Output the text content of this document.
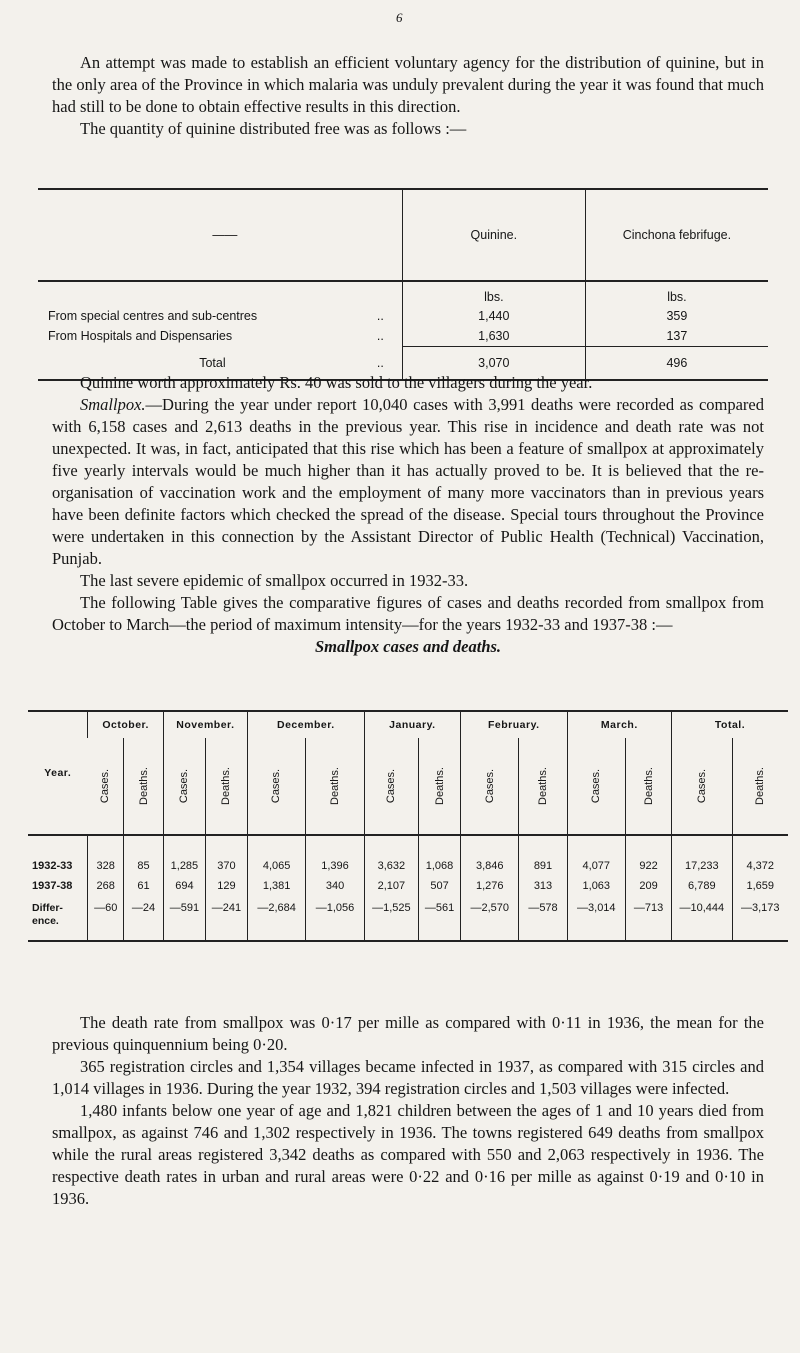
6

An attempt was made to establish an efficient voluntary agency for the distribution of quinine, but in the only area of the Province in which malaria was unduly prevalent during the year it was found that much had still to be done to obtain effective results in this direction.

The quantity of quinine distributed free was as follows :—

——	Quinine.	Cinchona febrifuge.
	lbs.	lbs.
From special centres and sub-centres ..	1,440	359
From Hospitals and Dispensaries ..	1,630	137
Total ..	3,070	496

Quinine worth approximately Rs. 40 was sold to the villagers during the year.

Smallpox.—During the year under report 10,040 cases with 3,991 deaths were recorded as compared with 6,158 cases and 2,613 deaths in the previous year. This rise in incidence and death rate was not unexpected. It was, in fact, anticipated that this rise which has been a feature of smallpox at approximately five yearly intervals would be much higher than it has actually proved to be. It is believed that the re-organisation of vaccination work and the employment of many more vaccinators than in previous years have been definite factors which checked the spread of the disease. Special tours throughout the Province were undertaken in this connection by the Assistant Director of Public Health (Technical) Vaccination, Punjab.

The last severe epidemic of smallpox occurred in 1932-33.

The following Table gives the comparative figures of cases and deaths recorded from smallpox from October to March—the period of maximum intensity—for the years 1932-33 and 1937-38 :—

Smallpox cases and deaths.

Year.	October.		November.		December.		January.		February.		March.		Total.	
	Cases.	Deaths.	Cases.	Deaths.	Cases.	Deaths.	Cases.	Deaths.	Cases.	Deaths.	Cases.	Deaths.	Cases.	Deaths.

1932-33	328	85	1,285	370	4,065	1,396	3,632	1,068	3,846	891	4,077	922	17,233	4,372
1937-38	268	61	694	129	1,381	340	2,107	507	1,276	313	1,063	209	6,789	1,659
Differ-ence.	—60	—24	—591	—241	—2,684	—1,056	—1,525	—561	—2,570	—578	—3,014	—713	—10,444	—3,173

The death rate from smallpox was 0·17 per mille as compared with 0·11 in 1936, the mean for the previous quinquennium being 0·20.

365 registration circles and 1,354 villages became infected in 1937, as compared with 315 circles and 1,014 villages in 1936. During the year 1932, 394 registration circles and 1,503 villages were infected.

1,480 infants below one year of age and 1,821 children between the ages of 1 and 10 years died from smallpox, as against 746 and 1,302 respectively in 1936. The towns registered 649 deaths from smallpox while the rural areas registered 3,342 deaths as compared with 550 and 2,063 respectively in 1936. The respective death rates in urban and rural areas were 0·22 and 0·16 per mille as against 0·19 and 0·10 in 1936.
